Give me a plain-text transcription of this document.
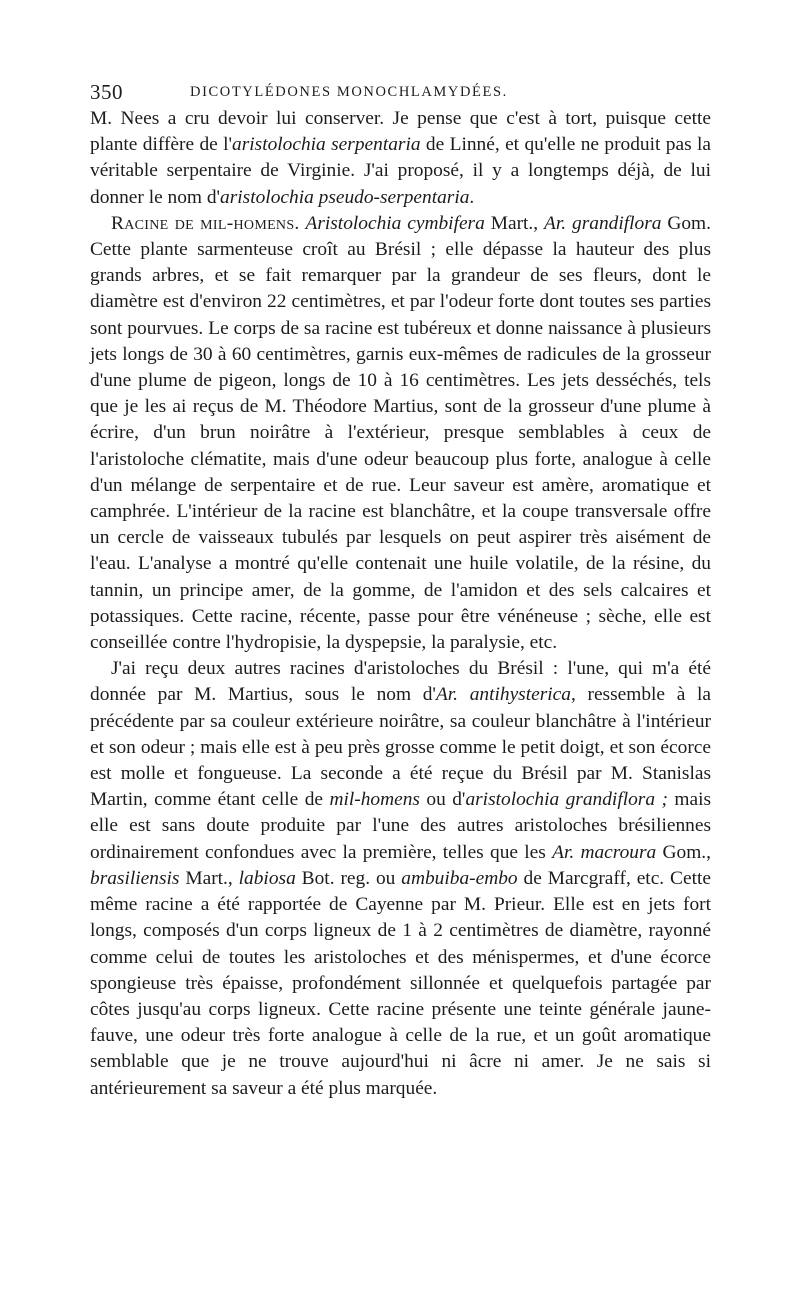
350	DICOTYLÉDONES MONOCHLAMYDÉES.

M. Nees a cru devoir lui conserver. Je pense que c'est à tort, puisque cette plante diffère de l'aristolochia serpentaria de Linné, et qu'elle ne produit pas la véritable serpentaire de Virginie. J'ai proposé, il y a longtemps déjà, de lui donner le nom d'aristolochia pseudo-serpentaria.

Racine de mil-homens. Aristolochia cymbifera Mart., Ar. grandiflora Gom. Cette plante sarmenteuse croît au Brésil ; elle dépasse la hauteur des plus grands arbres, et se fait remarquer par la grandeur de ses fleurs, dont le diamètre est d'environ 22 centimètres, et par l'odeur forte dont toutes ses parties sont pourvues. Le corps de sa racine est tubéreux et donne naissance à plusieurs jets longs de 30 à 60 centimètres, garnis eux-mêmes de radicules de la grosseur d'une plume de pigeon, longs de 10 à 16 centimètres. Les jets desséchés, tels que je les ai reçus de M. Théodore Martius, sont de la grosseur d'une plume à écrire, d'un brun noirâtre à l'extérieur, presque semblables à ceux de l'aristoloche clématite, mais d'une odeur beaucoup plus forte, analogue à celle d'un mélange de serpentaire et de rue. Leur saveur est amère, aromatique et camphrée. L'intérieur de la racine est blanchâtre, et la coupe transversale offre un cercle de vaisseaux tubulés par lesquels on peut aspirer très aisément de l'eau. L'analyse a montré qu'elle contenait une huile volatile, de la résine, du tannin, un principe amer, de la gomme, de l'amidon et des sels calcaires et potassiques. Cette racine, récente, passe pour être vénéneuse ; sèche, elle est conseillée contre l'hydropisie, la dyspepsie, la paralysie, etc.

J'ai reçu deux autres racines d'aristoloches du Brésil : l'une, qui m'a été donnée par M. Martius, sous le nom d'Ar. antihysterica, ressemble à la précédente par sa couleur extérieure noirâtre, sa couleur blanchâtre à l'intérieur et son odeur ; mais elle est à peu près grosse comme le petit doigt, et son écorce est molle et fongueuse. La seconde a été reçue du Brésil par M. Stanislas Martin, comme étant celle de mil-homens ou d'aristolochia grandiflora ; mais elle est sans doute produite par l'une des autres aristoloches brésiliennes ordinairement confondues avec la première, telles que les Ar. macroura Gom., brasiliensis Mart., labiosa Bot. reg. ou ambuiba-embo de Marcgraff, etc. Cette même racine a été rapportée de Cayenne par M. Prieur. Elle est en jets fort longs, composés d'un corps ligneux de 1 à 2 centimètres de diamètre, rayonné comme celui de toutes les aristoloches et des ménispermes, et d'une écorce spongieuse très épaisse, profondément sillonnée et quelquefois partagée par côtes jusqu'au corps ligneux. Cette racine présente une teinte générale jaune-fauve, une odeur très forte analogue à celle de la rue, et un goût aromatique semblable que je ne trouve aujourd'hui ni âcre ni amer. Je ne sais si antérieurement sa saveur a été plus marquée.
